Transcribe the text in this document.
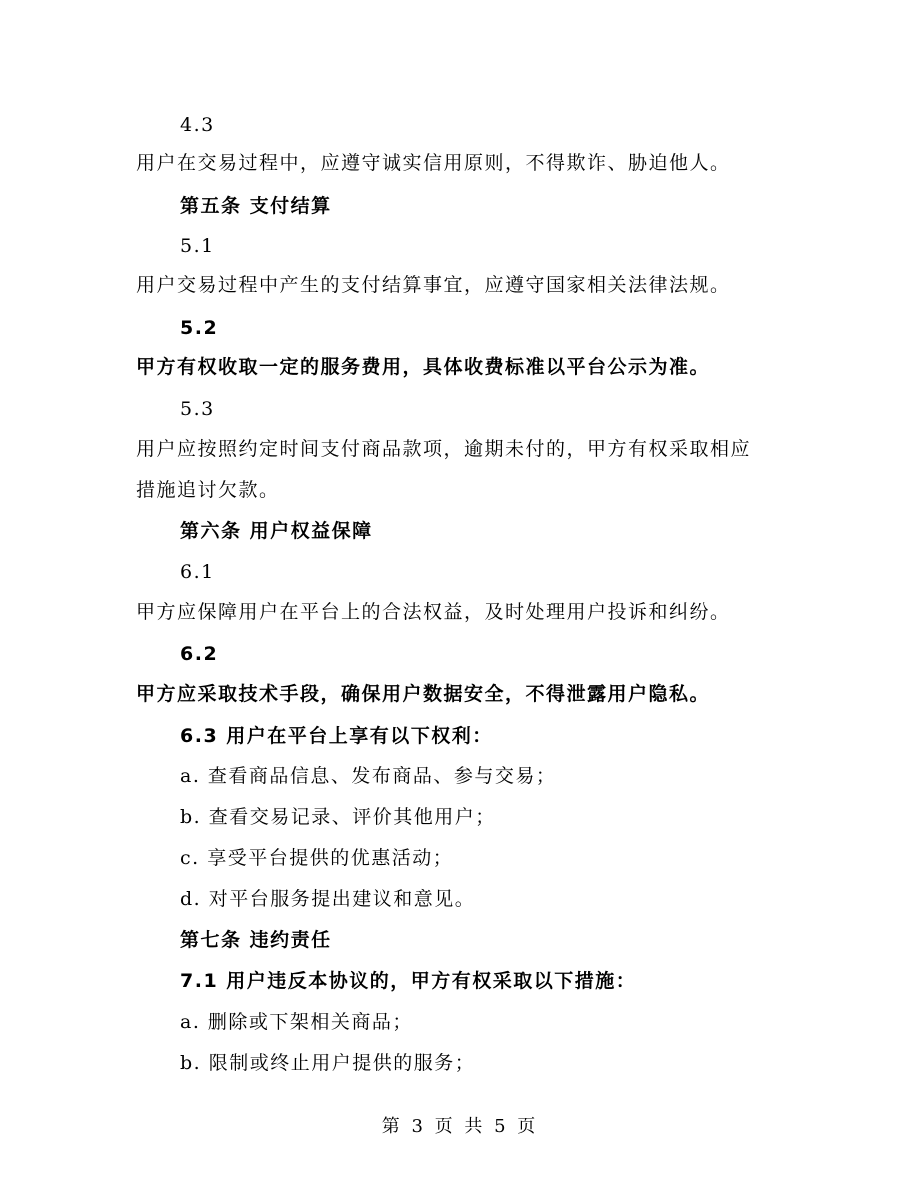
4.3
用户在交易过程中，应遵守诚实信用原则，不得欺诈、胁迫他人。
第五条 支付结算
5.1
用户交易过程中产生的支付结算事宜，应遵守国家相关法律法规。
5.2
甲方有权收取一定的服务费用，具体收费标准以平台公示为准。
5.3
用户应按照约定时间支付商品款项，逾期未付的，甲方有权采取相应
措施追讨欠款。
第六条 用户权益保障
6.1
甲方应保障用户在平台上的合法权益，及时处理用户投诉和纠纷。
6.2
甲方应采取技术手段，确保用户数据安全，不得泄露用户隐私。
6.3 用户在平台上享有以下权利：
a. 查看商品信息、发布商品、参与交易；
b. 查看交易记录、评价其他用户；
c. 享受平台提供的优惠活动；
d. 对平台服务提出建议和意见。
第七条 违约责任
7.1 用户违反本协议的，甲方有权采取以下措施：
a. 删除或下架相关商品；
b. 限制或终止用户提供的服务；
第 3 页 共 5 页
